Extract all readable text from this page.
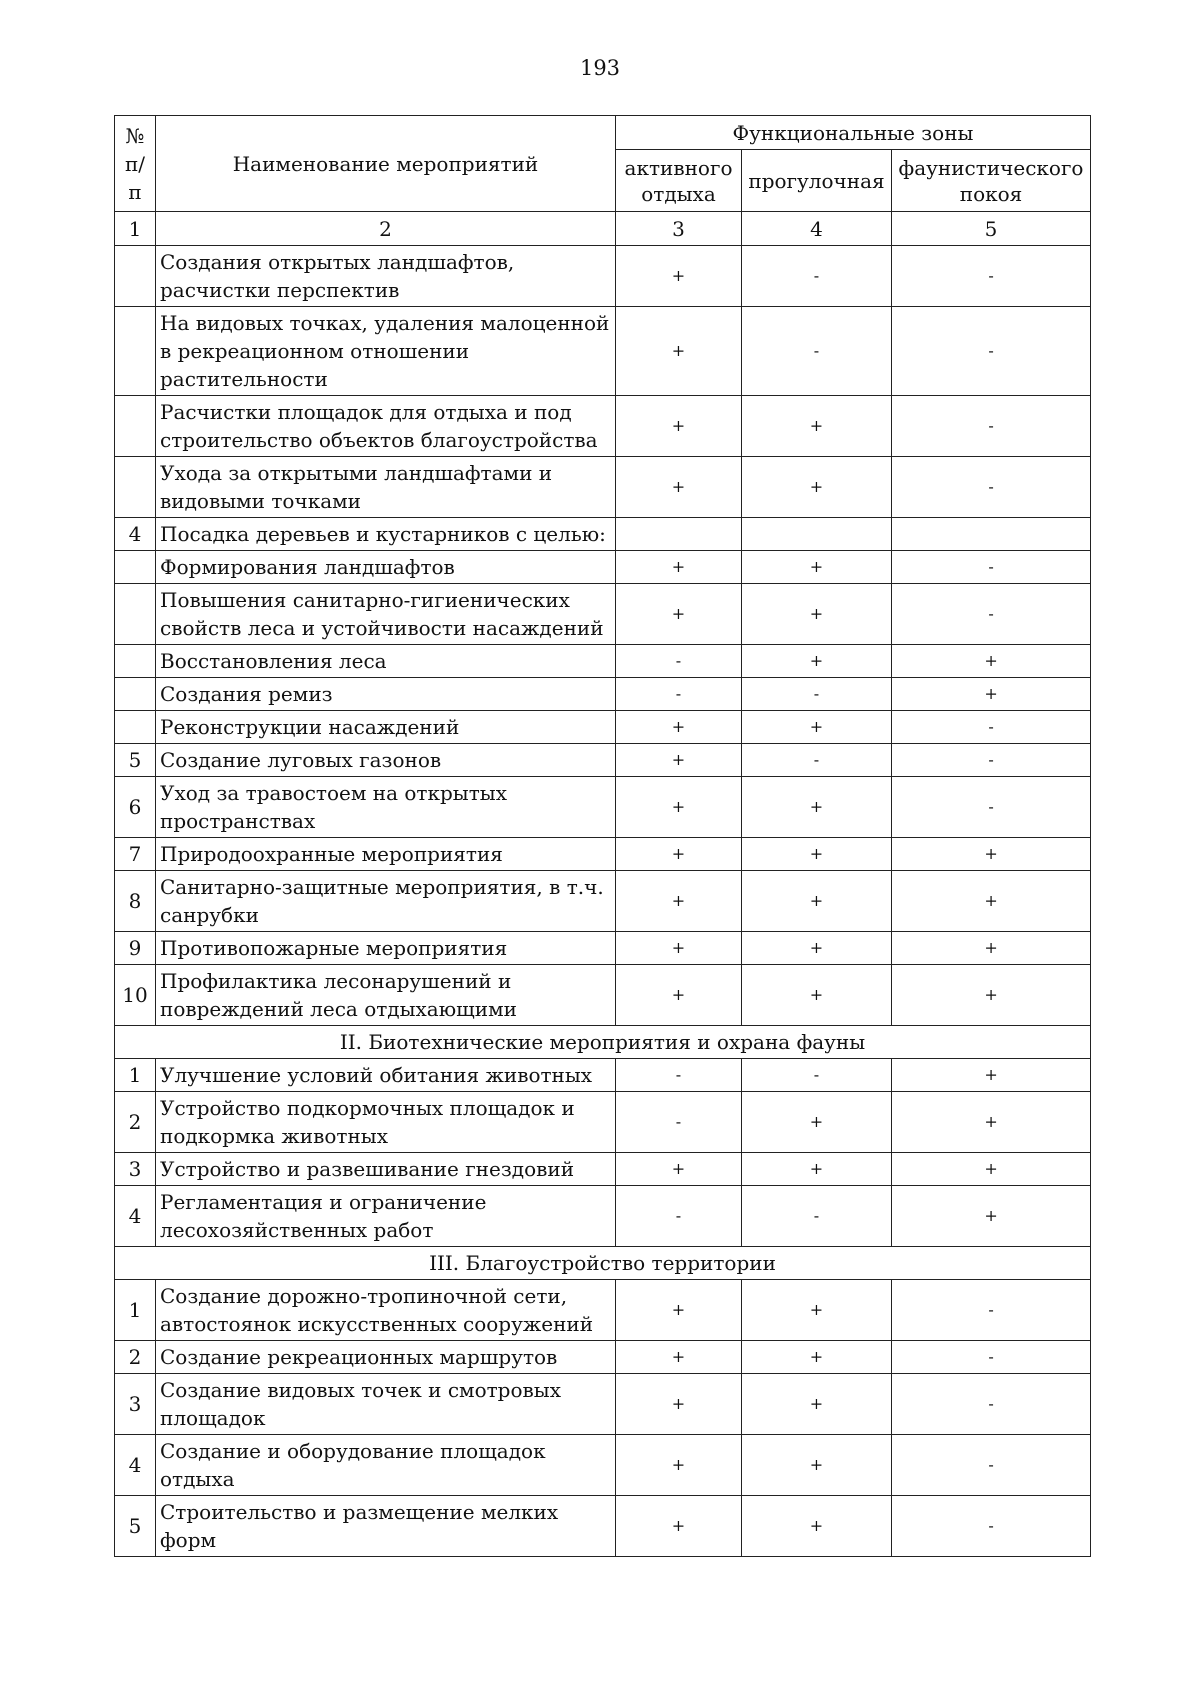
193
№ п/п	Наименование мероприятий	Функциональные зоны		
		активного отдыха	прогулочная	фаунистического покоя
1	2	3	4	5
	Создания открытых ландшафтов, расчистки перспектив	+	-	-
	На видовых точках, удаления малоценной в рекреационном отношении растительности	+	-	-
	Расчистки площадок для отдыха и под строительство объектов благоустройства	+	+	-
	Ухода за открытыми ландшафтами и видовыми точками	+	+	-
4	Посадка деревьев и кустарников с целью:			
	Формирования ландшафтов	+	+	-
	Повышения санитарно-гигиенических свойств леса и устойчивости насаждений	+	+	-
	Восстановления леса	-	+	+
	Создания ремиз	-	-	+
	Реконструкции насаждений	+	+	-
5	Создание луговых газонов	+	-	-
6	Уход за травостоем на открытых пространствах	+	+	-
7	Природоохранные мероприятия	+	+	+
8	Санитарно-защитные мероприятия, в т.ч. санрубки	+	+	+
9	Противопожарные мероприятия	+	+	+
10	Профилактика лесонарушений и повреждений леса отдыхающими	+	+	+
II. Биотехнические мероприятия и охрана фауны				
1	Улучшение условий обитания животных	-	-	+
2	Устройство подкормочных площадок и подкормка животных	-	+	+
3	Устройство и развешивание гнездовий	+	+	+
4	Регламентация и ограничение лесохозяйственных работ	-	-	+
III. Благоустройство территории				
1	Создание дорожно-тропиночной сети, автостоянок искусственных сооружений	+	+	-
2	Создание рекреационных маршрутов	+	+	-
3	Создание видовых точек и смотровых площадок	+	+	-
4	Создание и оборудование площадок отдыха	+	+	-
5	Строительство и размещение мелких форм	+	+	-
